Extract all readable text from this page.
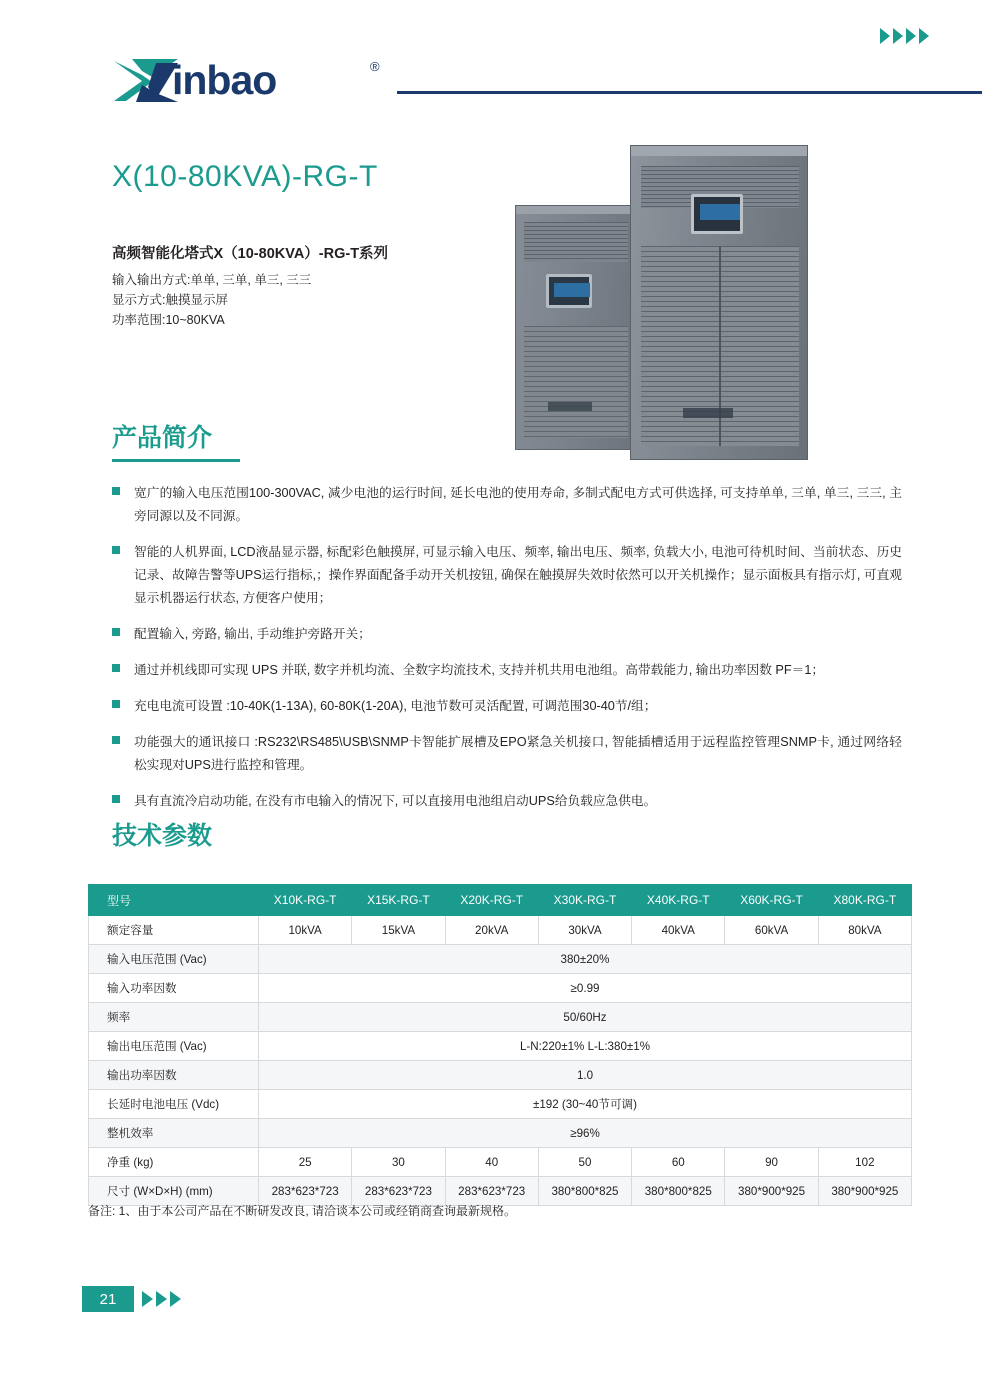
inbao	®
X(10-80KVA)-RG-T
高频智能化塔式X（10-80KVA）-RG-T系列
输入输出方式:单单, 三单, 单三, 三三
显示方式:触摸显示屏
功率范围:10~80KVA
产品简介

宽广的输入电压范围100-300VAC, 减少电池的运行时间, 延长电池的使用寿命, 多制式配电方式可供选择, 可支持单单, 三单, 单三, 三三, 主旁同源以及不同源。

智能的人机界面, LCD液晶显示器, 标配彩色触摸屏, 可显示输入电压、频率, 输出电压、频率, 负载大小, 电池可待机时间、当前状态、历史记录、故障告警等UPS运行指标,；操作界面配备手动开关机按钮, 确保在触摸屏失效时依然可以开关机操作；显示面板具有指示灯, 可直观显示机器运行状态, 方便客户使用；

配置输入, 旁路, 输出, 手动维护旁路开关；

通过并机线即可实现 UPS 并联, 数字并机均流、全数字均流技术, 支持并机共用电池组。高带载能力, 输出功率因数 PF＝1；

充电电流可设置 :10-40K(1-13A), 60-80K(1-20A), 电池节数可灵活配置, 可调范围30-40节/组；

功能强大的通讯接口 :RS232\RS485\USB\SNMP卡智能扩展槽及EPO紧急关机接口, 智能插槽适用于远程监控管理SNMP卡, 通过网络轻松实现对UPS进行监控和管理。

具有直流冷启动功能, 在没有市电输入的情况下, 可以直接用电池组启动UPS给负载应急供电。

技术参数
型号	X10K-RG-T	X15K-RG-T	X20K-RG-T	X30K-RG-T	X40K-RG-T	X60K-RG-T	X80K-RG-T
额定容量	10kVA	15kVA	20kVA	30kVA	40kVA	60kVA	80kVA
输入电压范围 (Vac)	380±20%						
输入功率因数	≥0.99						
频率	50/60Hz						
输出电压范围 (Vac)	L-N:220±1% L-L:380±1%						
输出功率因数	1.0						
长延时电池电压 (Vdc)	±192 (30~40节可调)						
整机效率	≥96%						
净重 (kg)	25	30	40	50	60	90	102
尺寸 (W×D×H) (mm)	283*623*723	283*623*723	283*623*723	380*800*825	380*800*825	380*900*925	380*900*925
备注: 1、由于本公司产品在不断研发改良, 请洽谈本公司或经销商查询最新规格。
21
